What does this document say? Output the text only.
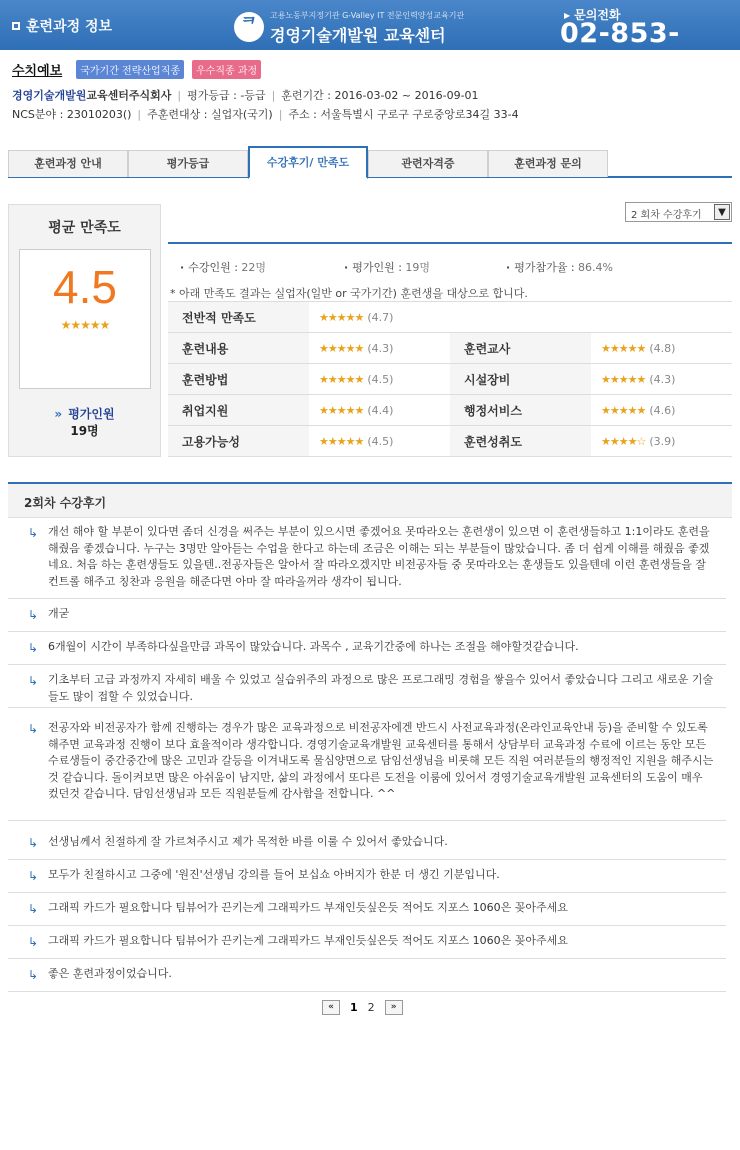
훈련과정 정보	ᄏ
고용노동부지정기관 G-Valley IT 전문인력양성교육기관
경영기술개발원 교육센터
▶ 문의전화
02-853-6674
수치예보	국가기간 전략산업직종	우수직종 과정
경영기술개발원교육센터주식회사 | 평가등급 : -등급 | 훈련기간 : 2016-03-02 ~ 2016-09-01
NCS분야 : 23010203() | 주훈련대상 : 실업자(국기) | 주소 : 서울특별시 구로구 구로중앙로34길 33-4
훈련과정 안내	평가등급	수강후기/ 만족도	관련자격증	훈련과정 문의
평균 만족도
4.5
★★★★★
» 평가인원
19명
2 회차 수강후기	▼
· 수강인원 : 22명	· 평가인원 : 19명	· 평가참가율 : 86.4%
* 아래 만족도 결과는 실업자(일반 or 국가기간) 훈련생을 대상으로 합니다.
전반적 만족도	★★★★★ (4.7)		
훈련내용	★★★★★ (4.3)	훈련교사	★★★★★ (4.8)
훈련방법	★★★★★ (4.5)	시설장비	★★★★★ (4.3)
취업지원	★★★★★ (4.4)	행정서비스	★★★★★ (4.6)
고용가능성	★★★★★ (4.5)	훈련성취도	★★★★☆ (3.9)
2회차 수강후기
↳ 개선 해야 할 부분이 있다면 좀더 신경을 써주는 부분이 있으시면 좋겠어요 못따라오는 훈련생이 있으면 이 훈련생들하고 1:1이라도 훈련을 해줬음 좋겠습니다. 누구는 3명만 알아듣는 수업을 한다고 하는데 조금은 이해는 되는 부분들이 많았습니다. 좀 더 쉽게 이해를 해줬음 좋겠네요. 처음 하는 훈련생들도 있을텐..전공자들은 알아서 잘 따라오겠지만 비전공자들 중 못따라오는 훈생들도 있을텐데 이런 훈련생들을 잘 컨트롤 해주고 칭찬과 응원을 해준다면 아마 잘 따라올꺼라 생각이 됩니다.
↳ 개굳
↳ 6개월이 시간이 부족하다싶을만큼 과목이 많았습니다. 과목수 , 교육기간중에 하나는 조절을 해야할것같습니다.
↳ 기초부터 고급 과정까지 자세히 배울 수 있었고 실습위주의 과정으로 많은 프로그래밍 경험을 쌓을수 있어서 좋았습니다 그리고 새로운 기술들도 많이 접할 수 있었습니다.
↳ 전공자와 비전공자가 함께 진행하는 경우가 많은 교육과정으로 비전공자에겐 반드시 사전교육과정(온라인교육안내 등)을 준비할 수 있도록 해주면 교육과정 진행이 보다 효율적이라 생각합니다. 경영기술교육개발원 교육센터를 통해서 상담부터 교육과정 수료에 이르는 동안 모든 수료생들이 중간중간에 많은 고민과 갈등을 이겨내도록 물심양면으로 담임선생님을 비롯해 모든 직원 여러분들의 행정적인 지원을 해주시는 것 같습니다. 돌이켜보면 많은 아쉬움이 남지만, 삶의 과정에서 또다른 도전을 이룸에 있어서 경영기술교육개발원 교육센터의 도움이 매우 컸던것 같습니다. 담임선생님과 모든 직원분들께 감사함을 전합니다. ^^
↳ 선생님께서 친절하게 잘 가르쳐주시고 제가 목적한 바를 이룰 수 있어서 좋았습니다.
↳ 모두가 친절하시고 그중에 '원진'선생님 강의를 들어 보십쇼 아버지가 한분 더 생긴 기분입니다.
↳ 그래픽 카드가 필요합니다 팀뷰어가 끈키는게 그래픽카드 부재인듯싶은듯 적어도 지포스 1060은 꽂아주세요
↳ 그래픽 카드가 필요합니다 팀뷰어가 끈키는게 그래픽카드 부재인듯싶은듯 적어도 지포스 1060은 꽂아주세요
↳ 좋은 훈련과정이었습니다.
«	1 2	»
